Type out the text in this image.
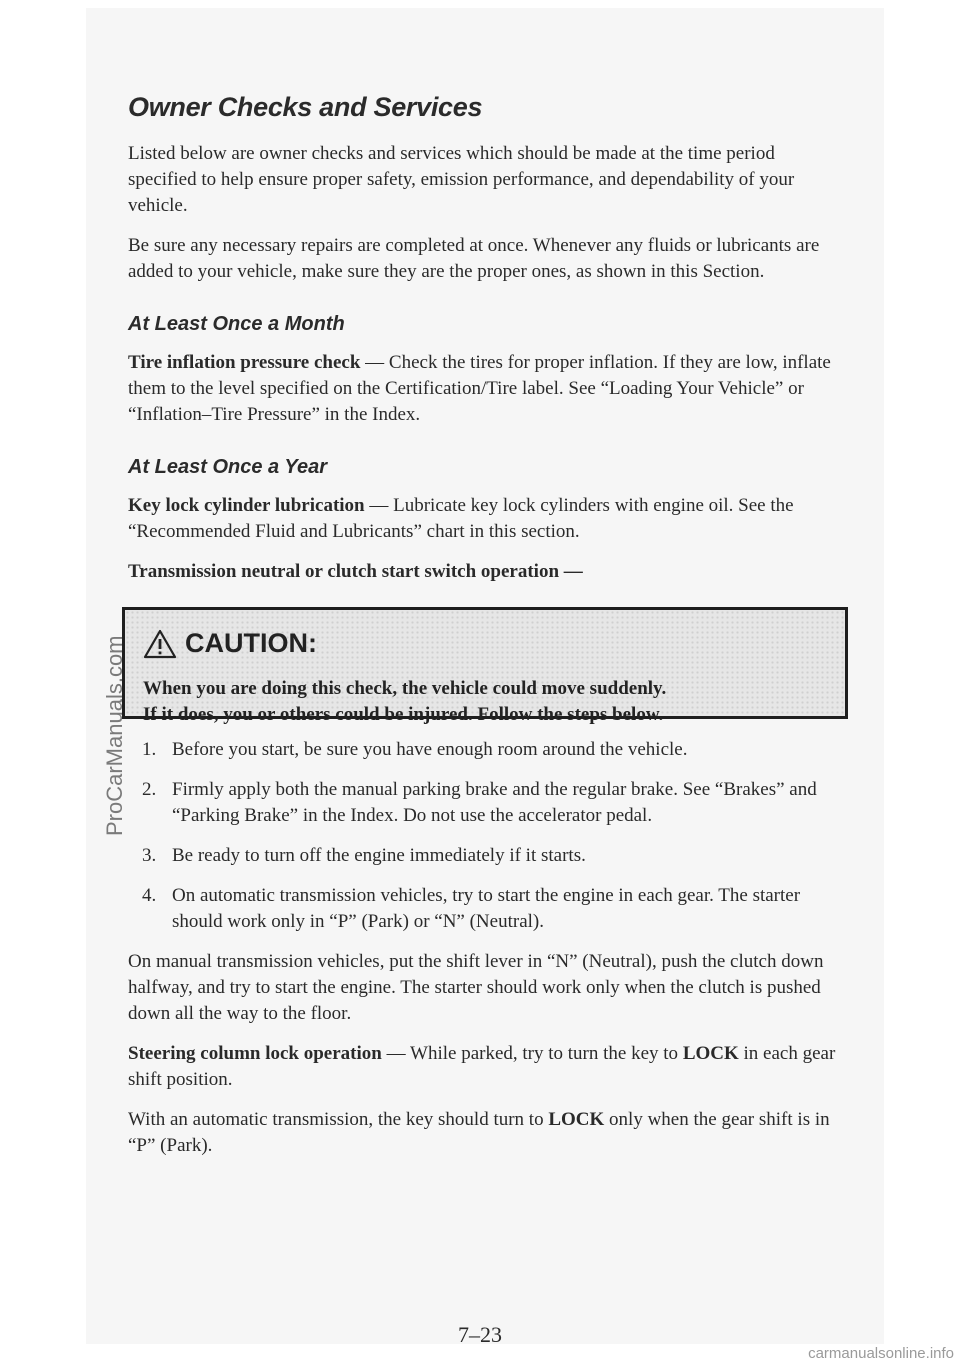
Owner Checks and Services

Listed below are owner checks and services which should be made at the time period specified to help ensure proper safety, emission performance, and dependability of your vehicle.

Be sure any necessary repairs are completed at once. Whenever any fluids or lubricants are added to your vehicle, make sure they are the proper ones, as shown in this Section.

At Least Once a Month

Tire inflation pressure check — Check the tires for proper inflation. If they are low, inflate them to the level specified on the Certification/Tire label. See “Loading Your Vehicle” or “Inflation–Tire Pressure” in the Index.

At Least Once a Year

Key lock cylinder lubrication — Lubricate key lock cylinders with engine oil. See the “Recommended Fluid and Lubricants” chart in this section.

Transmission neutral or clutch start switch operation —

CAUTION:
When you are doing this check, the vehicle could move suddenly.
If it does, you or others could be injured. Follow the steps below.
1. Before you start, be sure you have enough room around the vehicle.
2. Firmly apply both the manual parking brake and the regular brake. See “Brakes” and “Parking Brake” in the Index. Do not use the accelerator pedal.
3. Be ready to turn off the engine immediately if it starts.
4. On automatic transmission vehicles, try to start the engine in each gear. The starter should work only in “P” (Park) or “N” (Neutral).

On manual transmission vehicles, put the shift lever in “N” (Neutral), push the clutch down halfway, and try to start the engine. The starter should work only when the clutch is pushed down all the way to the floor.

Steering column lock operation — While parked, try to turn the key to LOCK in each gear shift position.

With an automatic transmission, the key should turn to LOCK only when the gear shift is in “P” (Park).

7–23
ProCarManuals.com
carmanualsonline.info
